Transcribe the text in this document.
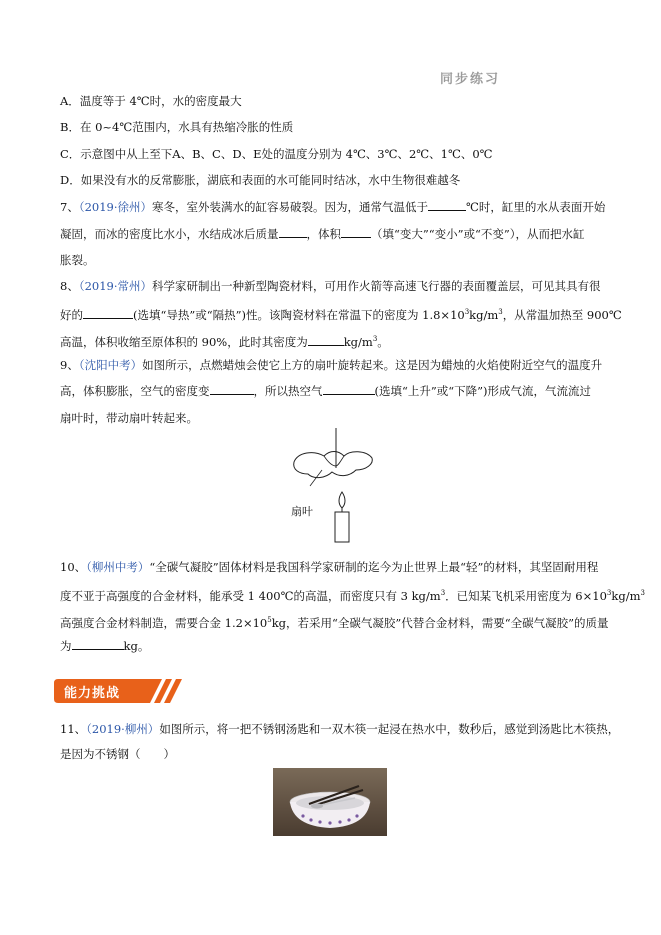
同步练习
A．温度等于 4℃时，水的密度最大
B．在 0~4℃范围内，水具有热缩冷胀的性质
C．示意图中从上至下A、B、C、D、E处的温度分别为 4℃、3℃、2℃、1℃、0℃
D．如果没有水的反常膨胀，湖底和表面的水可能同时结冰，水中生物很难越冬
7、（2019·徐州）寒冬，室外装满水的缸容易破裂。因为，通常气温低于	℃时，缸里的水从表面开始
凝固，而冰的密度比水小，水结成冰后质量 ，体积	（填“变大”“变小”或“不变”），从而把水缸
胀裂。
8、（2019·常州）科学家研制出一种新型陶瓷材料，可用作火箭等高速飞行器的表面覆盖层，可见其具有很
好的	(选填“导热”或“隔热”)性。该陶瓷材料在常温下的密度为 $1.8\times 10^3kg/m^3$，从常温加热至 900℃
高温，体积收缩至原体积的 90%，此时其密度为	$kg/m^3$。
9、（沈阳中考）如图所示，点燃蜡烛会使它上方的扇叶旋转起来。这是因为蜡烛的火焰使附近空气的温度升
高，体积膨胀，空气的密度变	，所以热空气	(选填“上升”或“下降”)形成气流，气流流过
扇叶时，带动扇叶转起来。
扇叶
10、（柳州中考）“全碳气凝胶”固体材料是我国科学家研制的迄今为止世界上最“轻”的材料，其坚固耐用程
度不亚于高强度的合金材料，能承受 1 400℃的高温，而密度只有 3 $kg/m^3$．已知某飞机采用密度为 $6\times 10^3kg/m^3$
高强度合金材料制造，需要合金 $1.2\times 10^5kg$，若采用“全碳气凝胶”代替合金材料，需要“全碳气凝胶”的质量
为	kg。
能力挑战
11、（2019·柳州）如图所示，将一把不锈钢汤匙和一双木筷一起浸在热水中，数秒后，感觉到汤匙比木筷热，
是因为不锈钢（　　）
